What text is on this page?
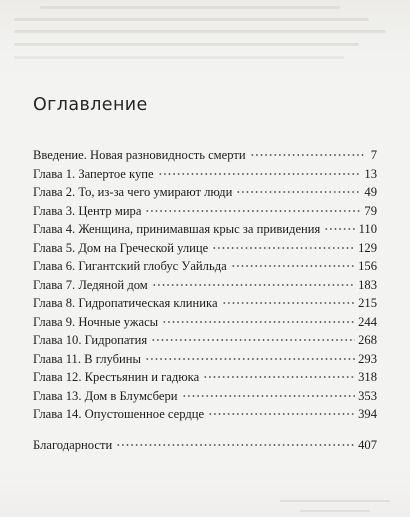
Оглавление
Введение. Новая разновидность смерти	7
Глава 1. Запертое купе	13
Глава 2. То, из-за чего умирают люди	49
Глава 3. Центр мира	79
Глава 4. Женщина, принимавшая крыс за привидения	110
Глава 5. Дом на Греческой улице	129
Глава 6. Гигантский глобус Уайльда	156
Глава 7. Ледяной дом	183
Глава 8. Гидропатическая клиника	215
Глава 9. Ночные ужасы	244
Глава 10. Гидропатия	268
Глава 11. В глубины	293
Глава 12. Крестьянин и гадюка	318
Глава 13. Дом в Блумсбери	353
Глава 14. Опустошенное сердце	394
Благодарности	407
